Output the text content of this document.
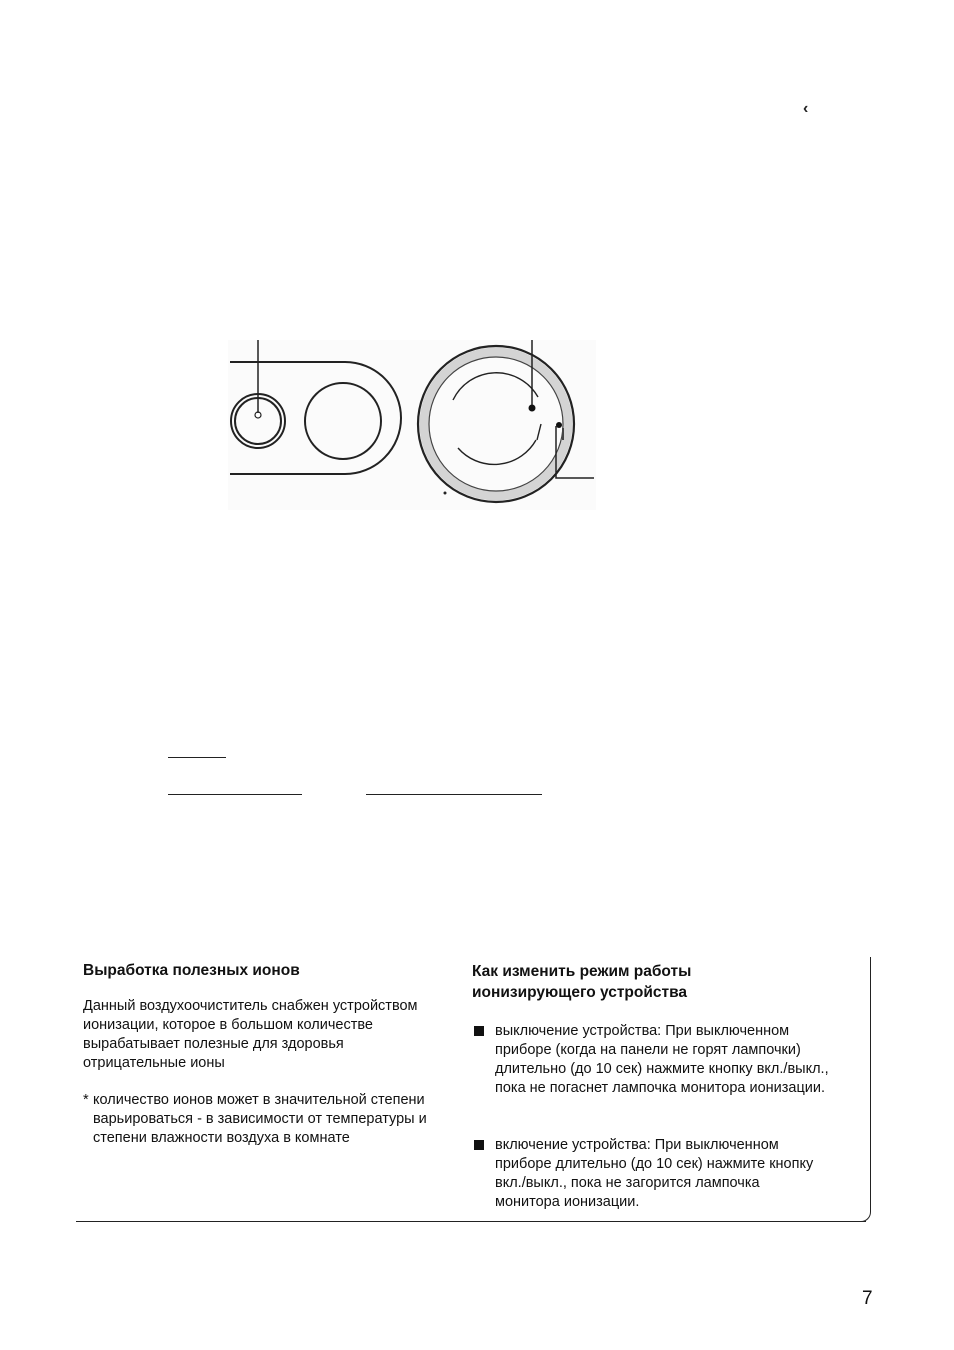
‹
Выработка полезных ионов

Данный воздухоочиститель снабжен устройством ионизации, которое в большом количестве вырабатывает полезные для здоровья отрицательные ионы

* количество ионов может в значительной степени варьироваться - в зависимости от температуры и степени влажности воздуха в комнате
Как изменить режим работы
ионизирующего устройства
выключение устройства: При выключенном приборе (когда на панели не горят лампочки) длительно (до 10 сек) нажмите кнопку вкл./выкл., пока не погаснет лампочка монитора ионизации.
включение устройства: При выключенном приборе длительно (до 10 сек) нажмите кнопку вкл./выкл., пока не загорится лампочка монитора ионизации.
7
